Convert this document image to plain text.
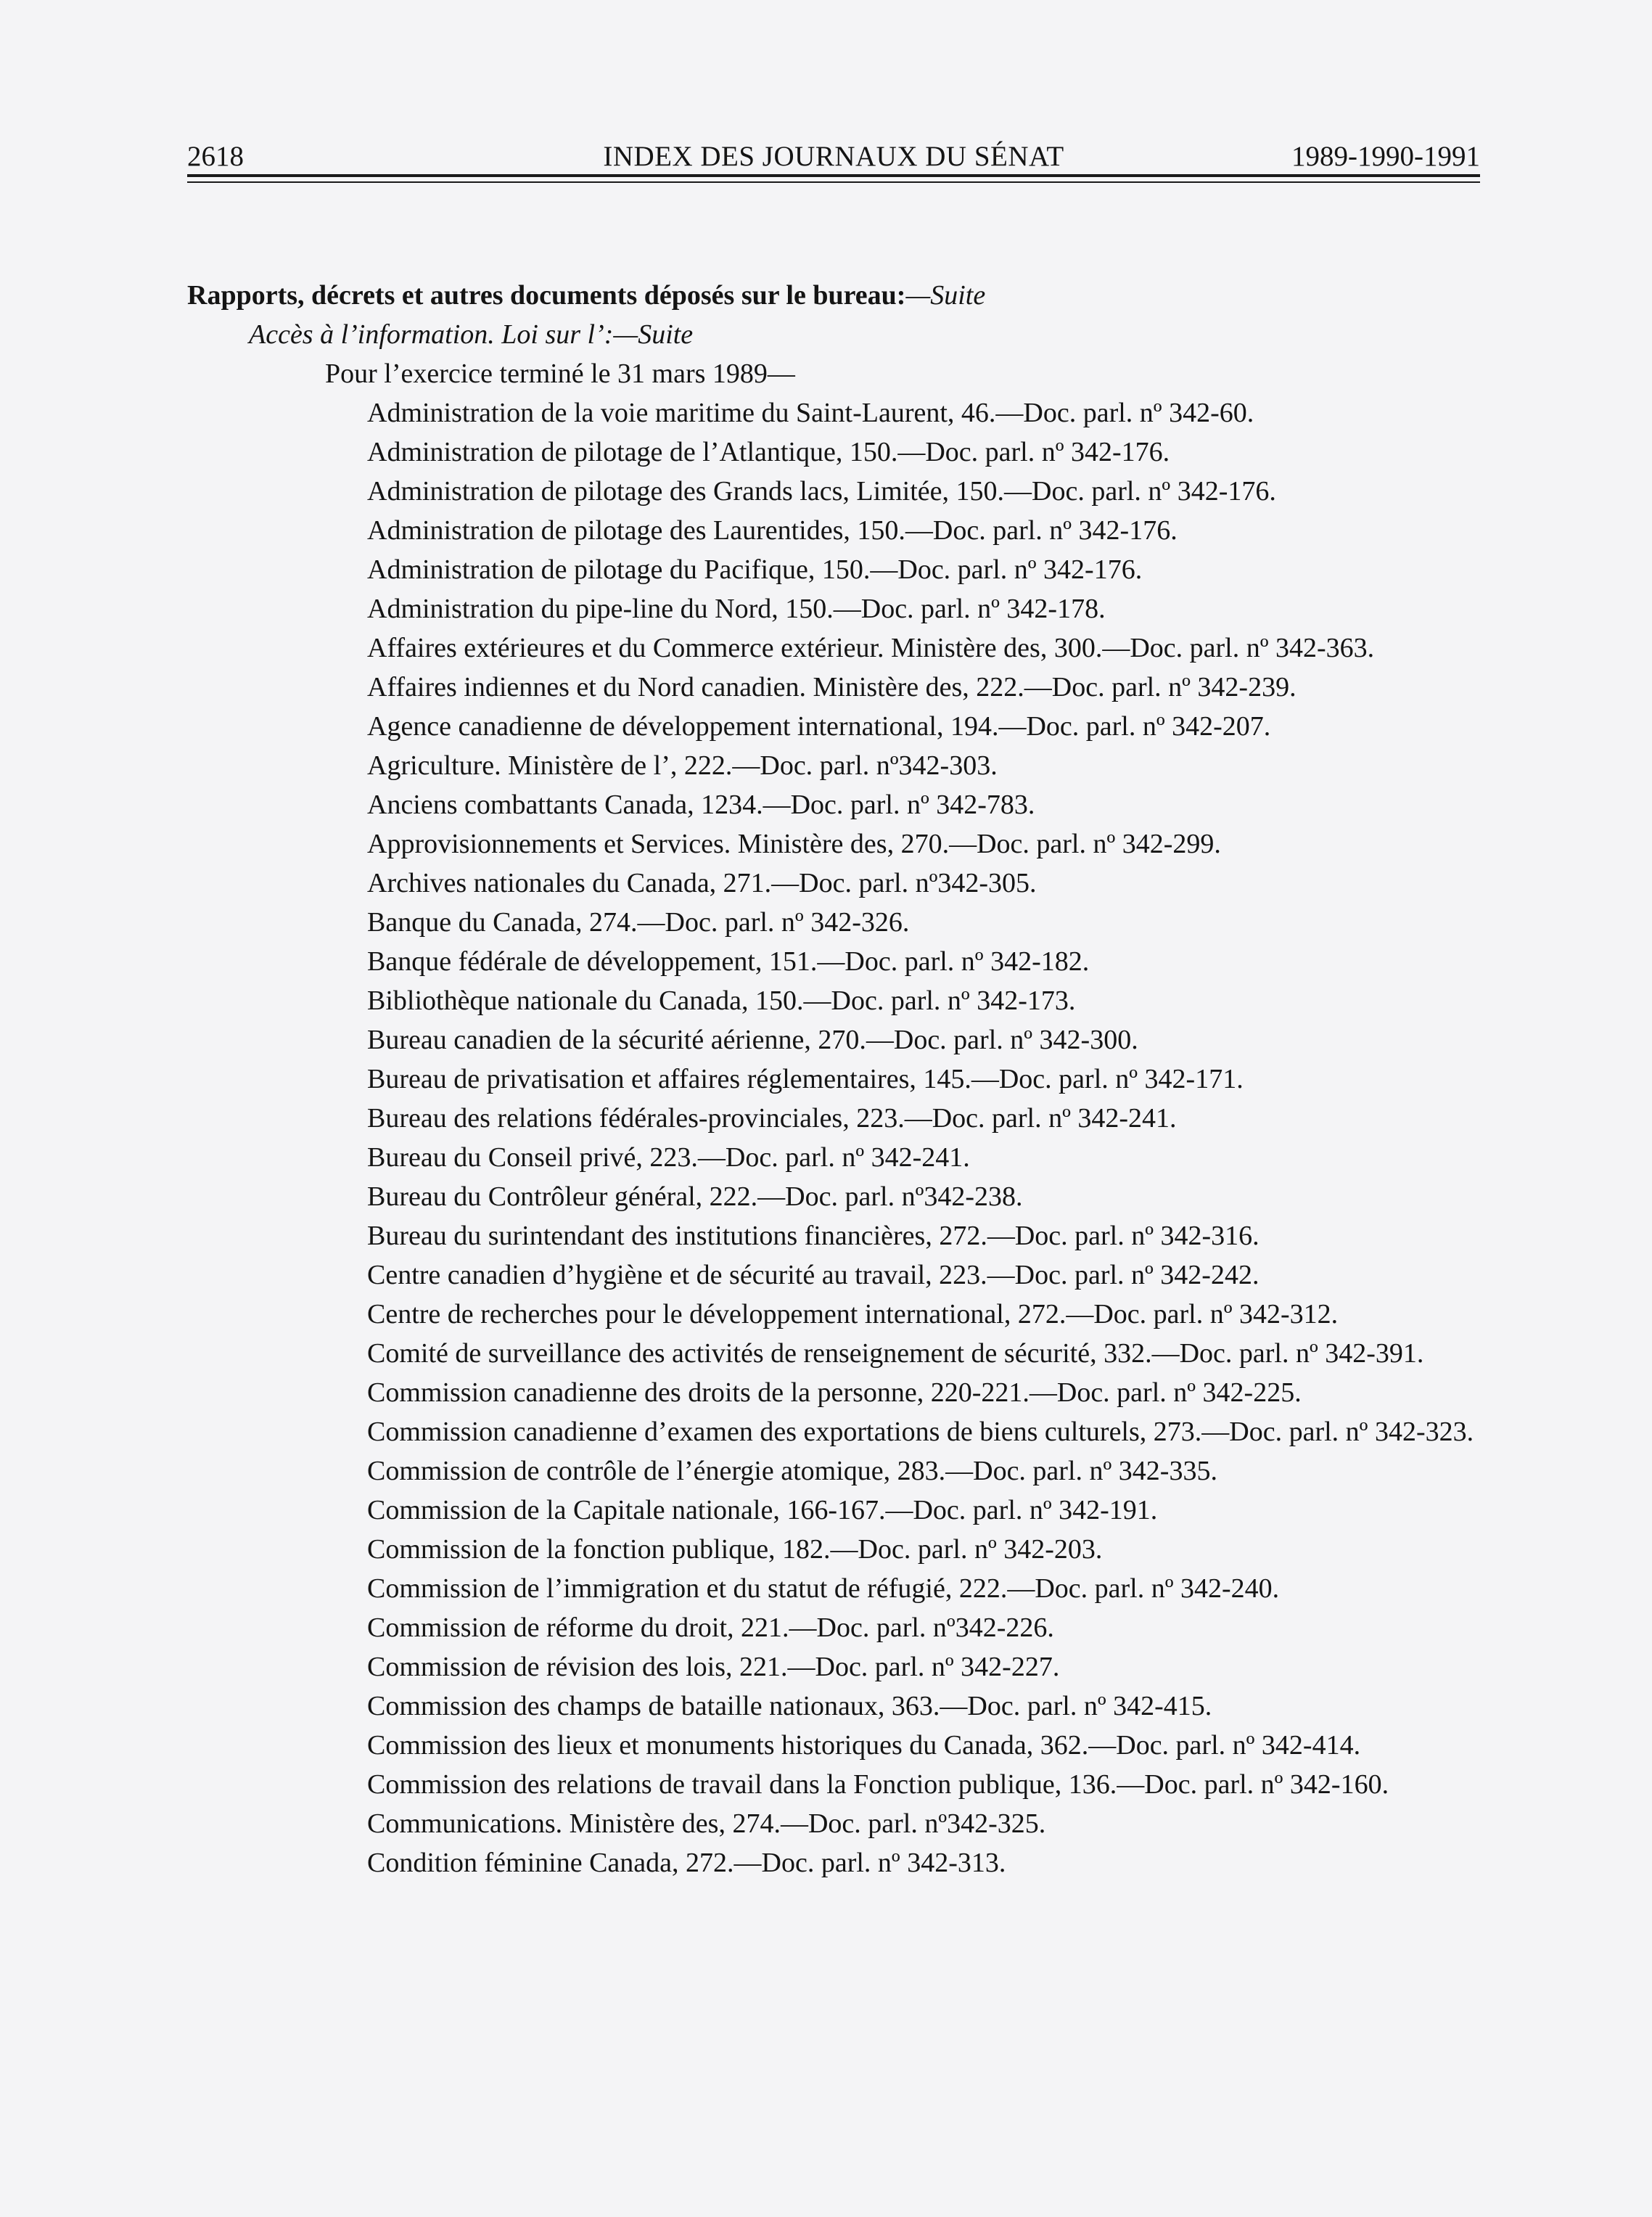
2618	INDEX DES JOURNAUX DU SÉNAT	1989-1990-1991
Rapports, décrets et autres documents déposés sur le bureau:—Suite
Accès à l’information. Loi sur l’:—Suite
Pour l’exercice terminé le 31 mars 1989—
Administration de la voie maritime du Saint-Laurent, 46.—Doc. parl. nº 342-60.
Administration de pilotage de l’Atlantique, 150.—Doc. parl. nº 342-176.
Administration de pilotage des Grands lacs, Limitée, 150.—Doc. parl. nº 342-176.
Administration de pilotage des Laurentides, 150.—Doc. parl. nº 342-176.
Administration de pilotage du Pacifique, 150.—Doc. parl. nº 342-176.
Administration du pipe-line du Nord, 150.—Doc. parl. nº 342-178.
Affaires extérieures et du Commerce extérieur. Ministère des, 300.—Doc. parl. nº 342-363.
Affaires indiennes et du Nord canadien. Ministère des, 222.—Doc. parl. nº 342-239.
Agence canadienne de développement international, 194.—Doc. parl. nº 342-207.
Agriculture. Ministère de l’, 222.—Doc. parl. nº342-303.
Anciens combattants Canada, 1234.—Doc. parl. nº 342-783.
Approvisionnements et Services. Ministère des, 270.—Doc. parl. nº 342-299.
Archives nationales du Canada, 271.—Doc. parl. nº342-305.
Banque du Canada, 274.—Doc. parl. nº 342-326.
Banque fédérale de développement, 151.—Doc. parl. nº 342-182.
Bibliothèque nationale du Canada, 150.—Doc. parl. nº 342-173.
Bureau canadien de la sécurité aérienne, 270.—Doc. parl. nº 342-300.
Bureau de privatisation et affaires réglementaires, 145.—Doc. parl. nº 342-171.
Bureau des relations fédérales-provinciales, 223.—Doc. parl. nº 342-241.
Bureau du Conseil privé, 223.—Doc. parl. nº 342-241.
Bureau du Contrôleur général, 222.—Doc. parl. nº342-238.
Bureau du surintendant des institutions financières, 272.—Doc. parl. nº 342-316.
Centre canadien d’hygiène et de sécurité au travail, 223.—Doc. parl. nº 342-242.
Centre de recherches pour le développement international, 272.—Doc. parl. nº 342-312.
Comité de surveillance des activités de renseignement de sécurité, 332.—Doc. parl. nº 342-391.
Commission canadienne des droits de la personne, 220-221.—Doc. parl. nº 342-225.
Commission canadienne d’examen des exportations de biens culturels, 273.—Doc. parl. nº 342-323.
Commission de contrôle de l’énergie atomique, 283.—Doc. parl. nº 342-335.
Commission de la Capitale nationale, 166-167.—Doc. parl. nº 342-191.
Commission de la fonction publique, 182.—Doc. parl. nº 342-203.
Commission de l’immigration et du statut de réfugié, 222.—Doc. parl. nº 342-240.
Commission de réforme du droit, 221.—Doc. parl. nº342-226.
Commission de révision des lois, 221.—Doc. parl. nº 342-227.
Commission des champs de bataille nationaux, 363.—Doc. parl. nº 342-415.
Commission des lieux et monuments historiques du Canada, 362.—Doc. parl. nº 342-414.
Commission des relations de travail dans la Fonction publique, 136.—Doc. parl. nº 342-160.
Communications. Ministère des, 274.—Doc. parl. nº342-325.
Condition féminine Canada, 272.—Doc. parl. nº 342-313.
